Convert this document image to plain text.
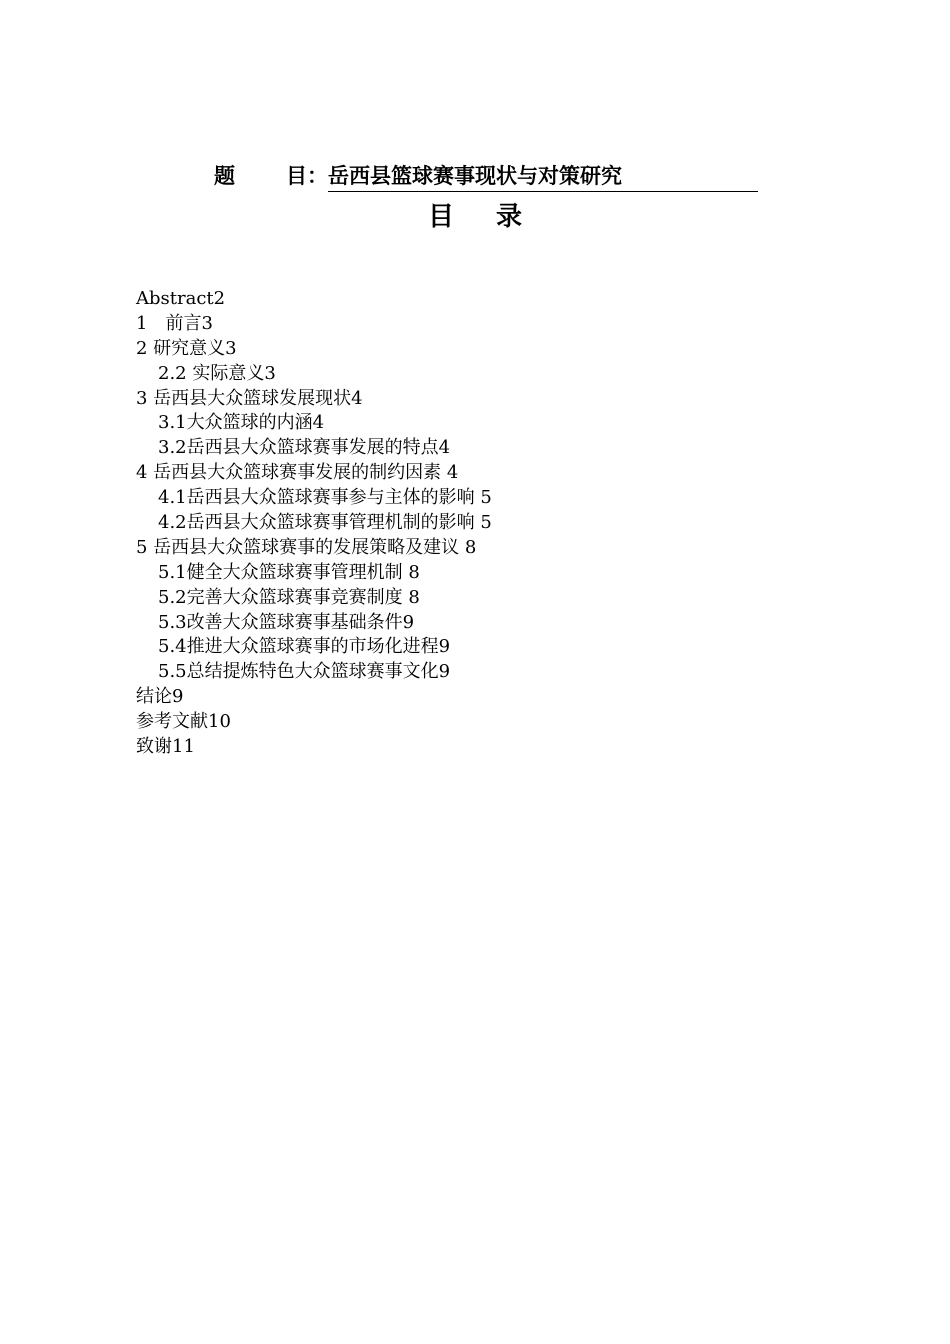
题 目： 岳西县篮球赛事现状与对策研究
目 录
Abstract2
1　前言3
2 研究意义3
2.2 实际意义3
3 岳西县大众篮球发展现状4
3.1大众篮球的内涵4
3.2岳西县大众篮球赛事发展的特点4
4 岳西县大众篮球赛事发展的制约因素 4
4.1岳西县大众篮球赛事参与主体的影响 5
4.2岳西县大众篮球赛事管理机制的影响 5
5 岳西县大众篮球赛事的发展策略及建议 8
5.1健全大众篮球赛事管理机制 8
5.2完善大众篮球赛事竞赛制度 8
5.3改善大众篮球赛事基础条件9
5.4推进大众篮球赛事的市场化进程9
5.5总结提炼特色大众篮球赛事文化9
结论9
参考文献10
致谢11
